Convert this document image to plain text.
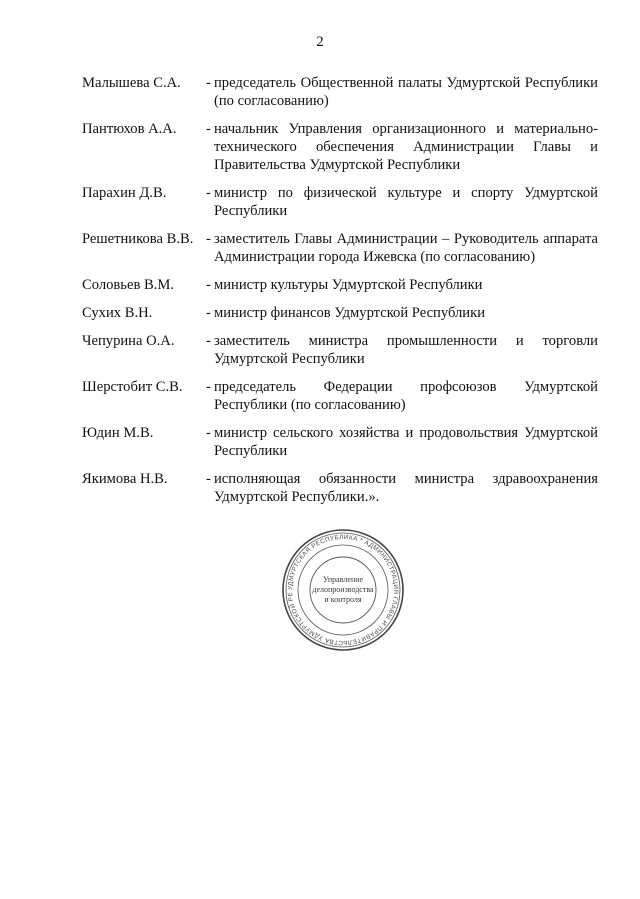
2
Малышева С.А.	- председатель Общественной палаты Удмуртской Республики (по согласованию)
Пантюхов А.А.	- начальник Управления организационного и материально-технического обеспечения Администрации Главы и Правительства Удмуртской Республики
Парахин Д.В.	- министр по физической культуре и спорту Удмуртской Республики
Решетникова В.В. - заместитель Главы Администрации – Руководитель аппарата Администрации города Ижевска (по согласованию)
Соловьев В.М.	- министр культуры Удмуртской Республики
Сухих В.Н.	- министр финансов Удмуртской Республики
Чепурина О.А.	- заместитель министра промышленности и торговли Удмуртской Республики
Шерстобит С.В.	- председатель Федерации профсоюзов Удмуртской Республики (по согласованию)
Юдин М.В.	- министр сельского хозяйства и продовольствия Удмуртской Республики
Якимова Н.В.	- исполняющая обязанности министра здравоохранения Удмуртской Республики.».
УДМУРТСКАЯ РЕСПУБЛИКА * АДМИНИСТРАЦИЯ ГЛАВЫ И ПРАВИТЕЛЬСТВА УДМУРТСКОЙ РЕ
Управление
делопроизводства
и контроля
